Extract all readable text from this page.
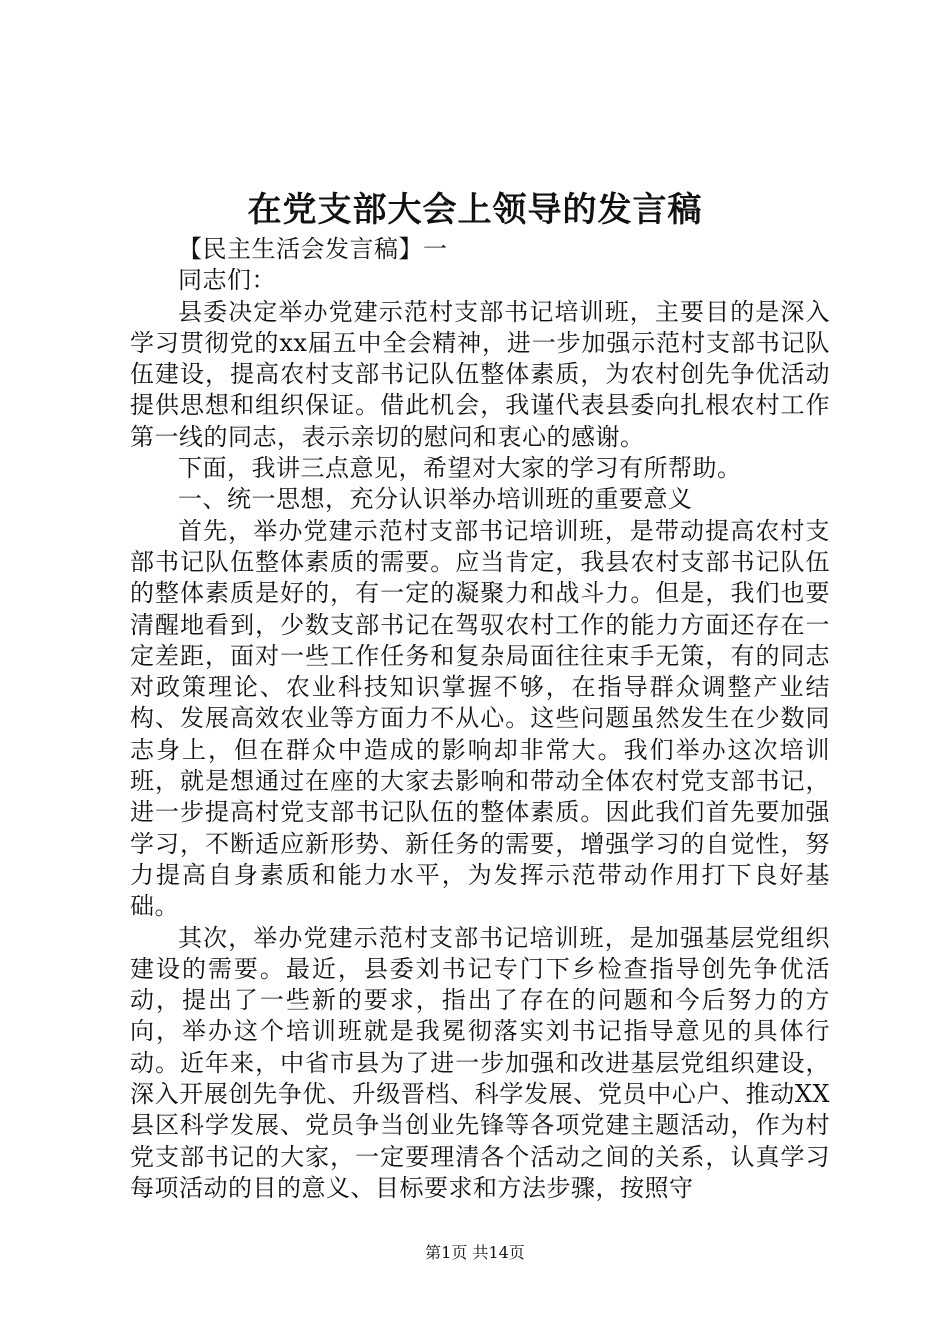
在党支部大会上领导的发言稿

【民主生活会发言稿】一

同志们：

县委决定举办党建示范村支部书记培训班，主要目的是深入学习贯彻党的xx届五中全会精神，进一步加强示范村支部书记队伍建设，提高农村支部书记队伍整体素质，为农村创先争优活动提供思想和组织保证。借此机会，我谨代表县委向扎根农村工作第一线的同志，表示亲切的慰问和衷心的感谢。

下面，我讲三点意见，希望对大家的学习有所帮助。

一、统一思想，充分认识举办培训班的重要意义

首先，举办党建示范村支部书记培训班，是带动提高农村支部书记队伍整体素质的需要。应当肯定，我县农村支部书记队伍的整体素质是好的，有一定的凝聚力和战斗力。但是，我们也要清醒地看到，少数支部书记在驾驭农村工作的能力方面还存在一定差距，面对一些工作任务和复杂局面往往束手无策，有的同志对政策理论、农业科技知识掌握不够，在指导群众调整产业结构、发展高效农业等方面力不从心。这些问题虽然发生在少数同志身上，但在群众中造成的影响却非常大。我们举办这次培训班，就是想通过在座的大家去影响和带动全体农村党支部书记，进一步提高村党支部书记队伍的整体素质。因此我们首先要加强学习，不断适应新形势、新任务的需要，增强学习的自觉性，努力提高自身素质和能力水平，为发挥示范带动作用打下良好基础。

其次，举办党建示范村支部书记培训班，是加强基层党组织建设的需要。最近，县委刘书记专门下乡检查指导创先争优活动，提出了一些新的要求，指出了存在的问题和今后努力的方向，举办这个培训班就是我冕彻落实刘书记指导意见的具体行动。近年来，中省市县为了进一步加强和改进基层党组织建设，深入开展创先争优、升级晋档、科学发展、党员中心户、推动XX县区科学发展、党员争当创业先锋等各项党建主题活动，作为村党支部书记的大家，一定要理清各个活动之间的关系，认真学习每项活动的目的意义、目标要求和方法步骤，按照守

第1页 共14页
